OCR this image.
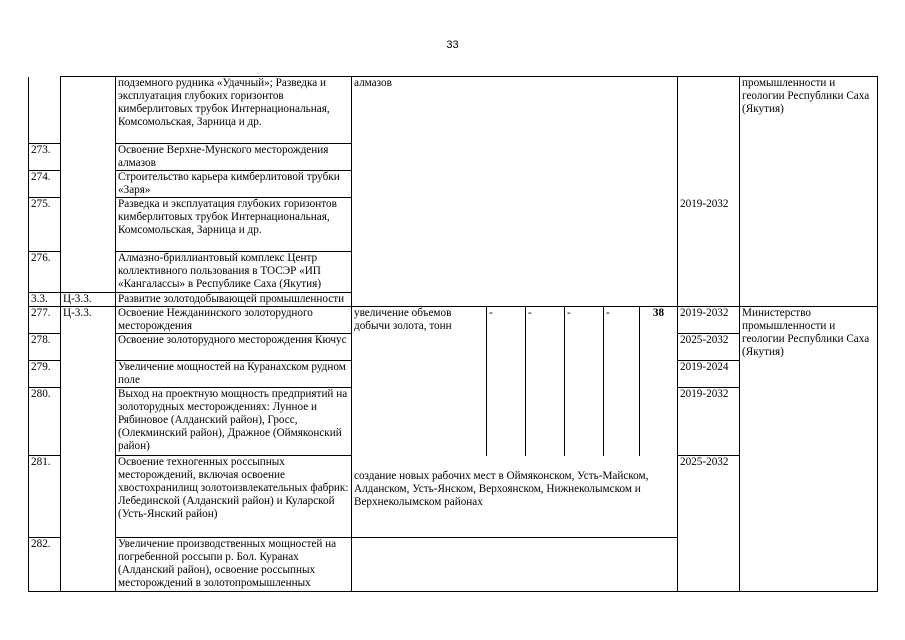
33
		подземного рудника «Удачный»; Разведка и эксплуатация глубоких горизонтов кимберлитовых трубок Интернациональная, Комсомольская, Зарница и др.	алмазов							промышленности и геологии Республики Саха (Якутия)
273.		Освоение Верхне-Мунского месторождения алмазов								
274.		Строительство карьера кимберлитовой трубки «Заря»								
275.		Разведка и эксплуатация глубоких горизонтов кимберлитовых трубок Интернациональная, Комсомольская, Зарница и др.							2019-2032	
276.		Алмазно-бриллиантовый комплекс Центр коллективного пользования в ТОСЭР «ИП «Кангалассы» в Республике Саха (Якутия)								
3.3.	Ц-3.3.	Развитие золотодобывающей промышленности								
277.	Ц-3.3.	Освоение Нежданинского золоторудного месторождения	увеличение объемов добычи золота, тонн	-	-	-	-	38	2019-2032	Министерство промышленности и геологии Республики Саха (Якутия)
278.		Освоение золоторудного месторождения Кючус							2025-2032	
279.		Увеличение мощностей на Куранахском рудном поле							2019-2024	
280.		Выход на проектную мощность предприятий на золоторудных месторождениях: Лунное и Рябиновое (Алданский район), Гросс, (Олекминский район), Дражное (Оймяконский район)							2019-2032	
281.		Освоение техногенных россыпных месторождений, включая освоение хвостохранилищ золотоизвлекательных фабрик: Лебединской (Алданский район) и Куларской (Усть-Янский район)	создание новых рабочих мест в Оймяконском, Усть-Майском, Алданском, Усть-Янском, Верхоянском, Нижнеколымском и Верхнеколымском районах						2025-2032	
282.		Увеличение производственных мощностей на погребенной россыпи р. Бол. Куранах (Алданский район), освоение россыпных месторождений в золотопромышленных								
